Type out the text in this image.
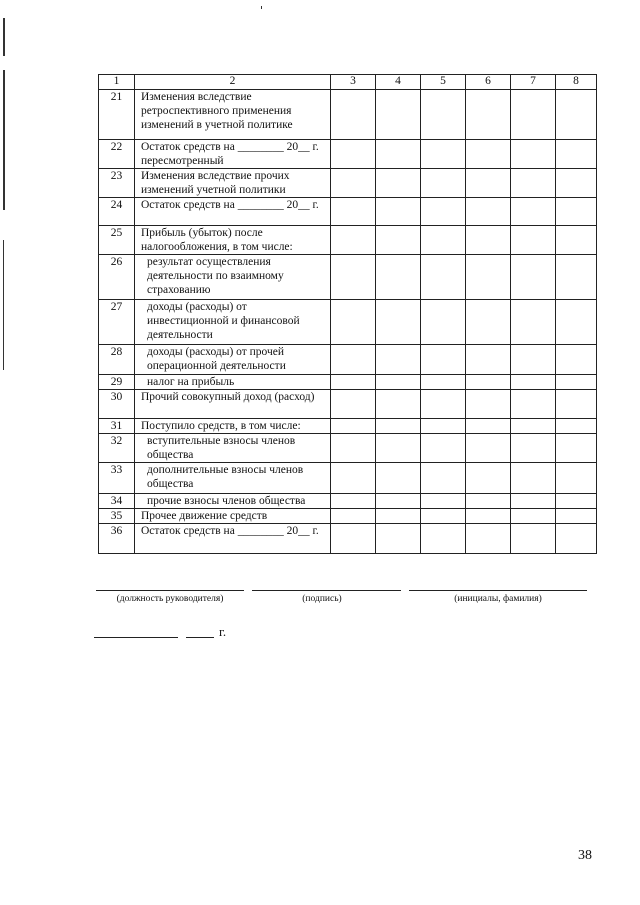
1	2	3	4	5	6	7	8
21	Изменения вследствие ретроспективного применения изменений в учетной политике						
22	Остаток средств на ________ 20__ г. пересмотренный						
23	Изменения вследствие прочих изменений учетной политики						
24	Остаток средств на ________ 20__ г.						
25	Прибыль (убыток) после налогообложения, в том числе:						
26	результат осуществления деятельности по взаимному страхованию						
27	доходы (расходы) от инвестиционной и финансовой деятельности						
28	доходы (расходы) от прочей операционной деятельности						
29	налог на прибыль						
30	Прочий совокупный доход (расход)						
31	Поступило средств, в том числе:						
32	вступительные взносы членов общества						
33	дополнительные взносы членов общества						
34	прочие взносы членов общества						
35	Прочее движение средств						
36	Остаток средств на ________ 20__ г.						
(должность руководителя)	(подпись)	(инициалы, фамилия)
г.
38
